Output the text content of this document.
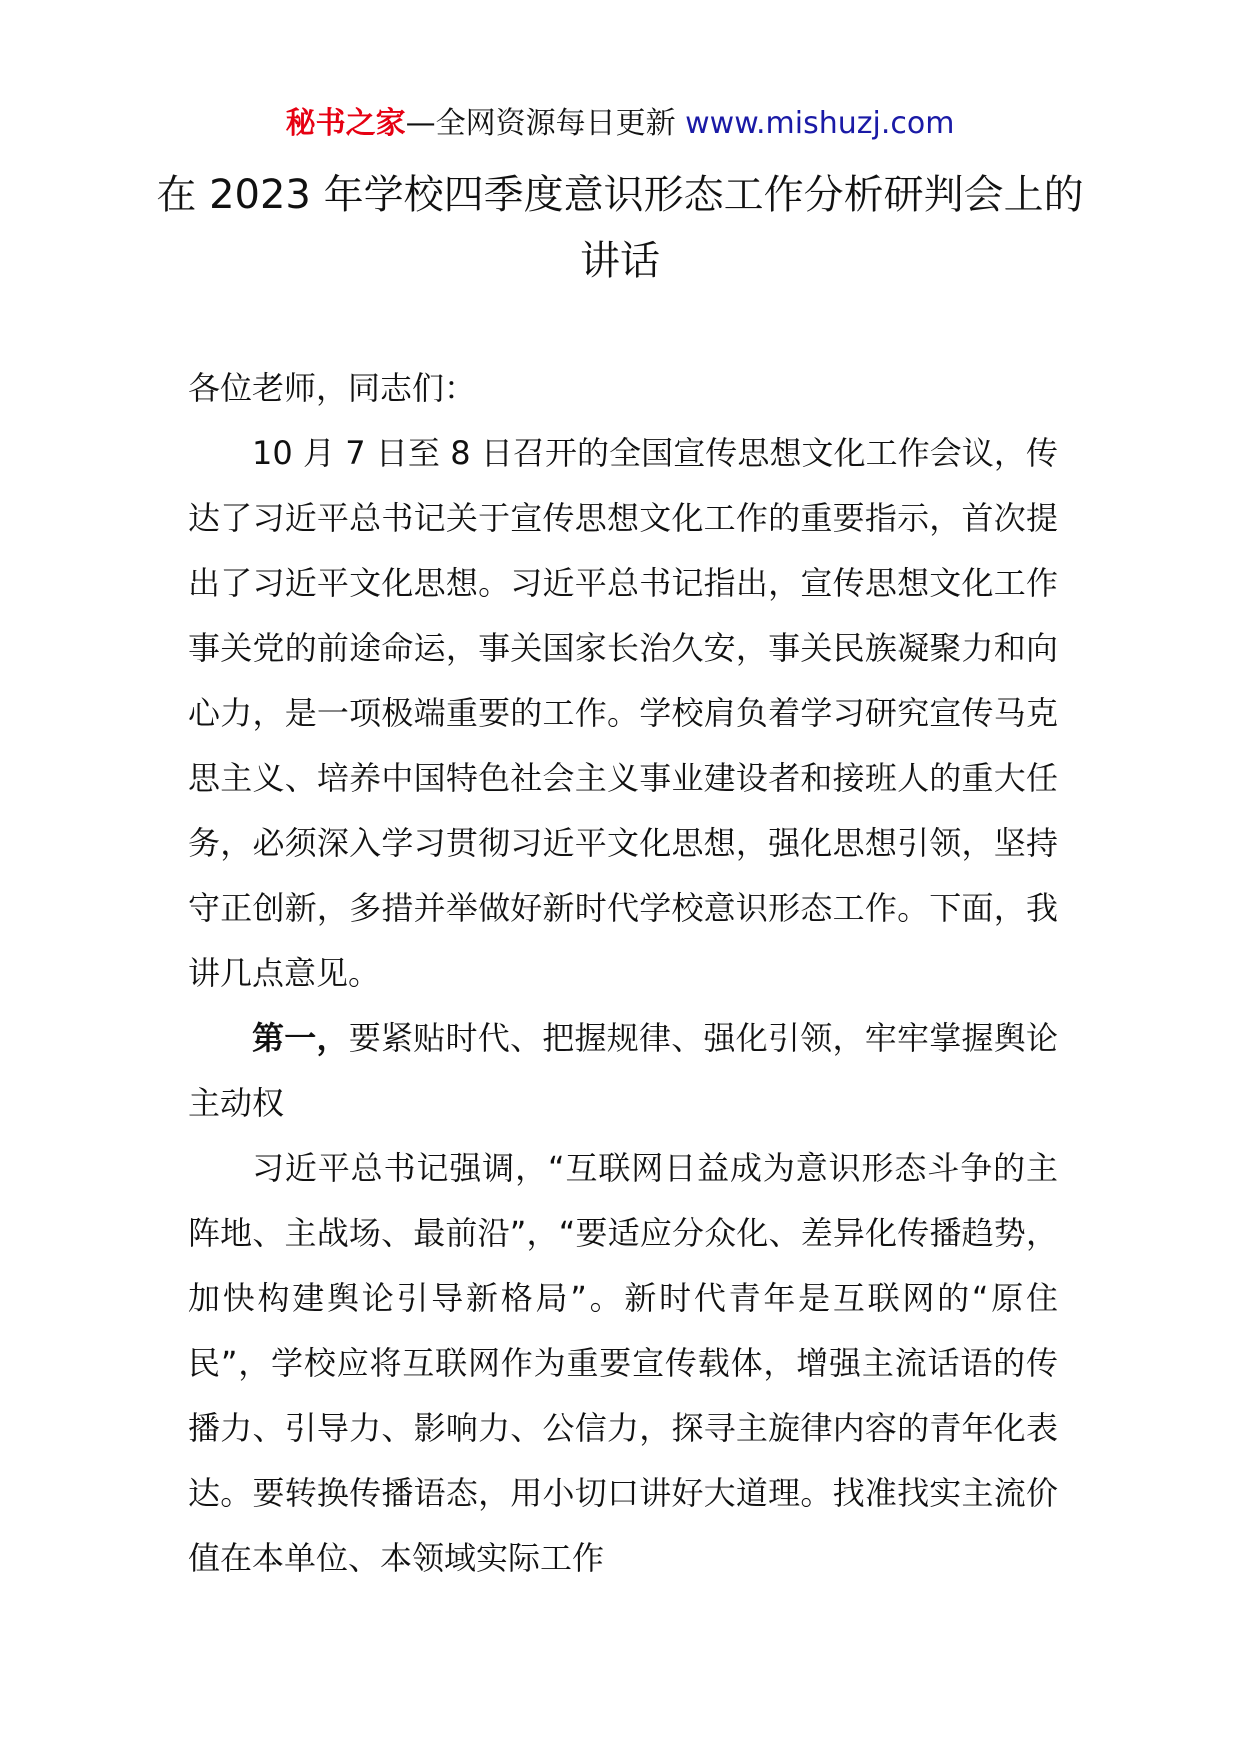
秘书之家—全网资源每日更新 www.mishuzj.com
在 2023 年学校四季度意识形态工作分析研判会上的讲话

各位老师，同志们：

10 月 7 日至 8 日召开的全国宣传思想文化工作会议，传达了习近平总书记关于宣传思想文化工作的重要指示，首次提出了习近平文化思想。习近平总书记指出，宣传思想文化工作事关党的前途命运，事关国家长治久安，事关民族凝聚力和向心力，是一项极端重要的工作。学校肩负着学习研究宣传马克思主义、培养中国特色社会主义事业建设者和接班人的重大任务，必须深入学习贯彻习近平文化思想，强化思想引领，坚持守正创新，多措并举做好新时代学校意识形态工作。下面，我讲几点意见。

第一，要紧贴时代、把握规律、强化引领，牢牢掌握舆论主动权

习近平总书记强调，“互联网日益成为意识形态斗争的主阵地、主战场、最前沿”，“要适应分众化、差异化传播趋势，加快构建舆论引导新格局”。新时代青年是互联网的“原住民”，学校应将互联网作为重要宣传载体，增强主流话语的传播力、引导力、影响力、公信力，探寻主旋律内容的青年化表达。要转换传播语态，用小切口讲好大道理。找准找实主流价值在本单位、本领域实际工作
